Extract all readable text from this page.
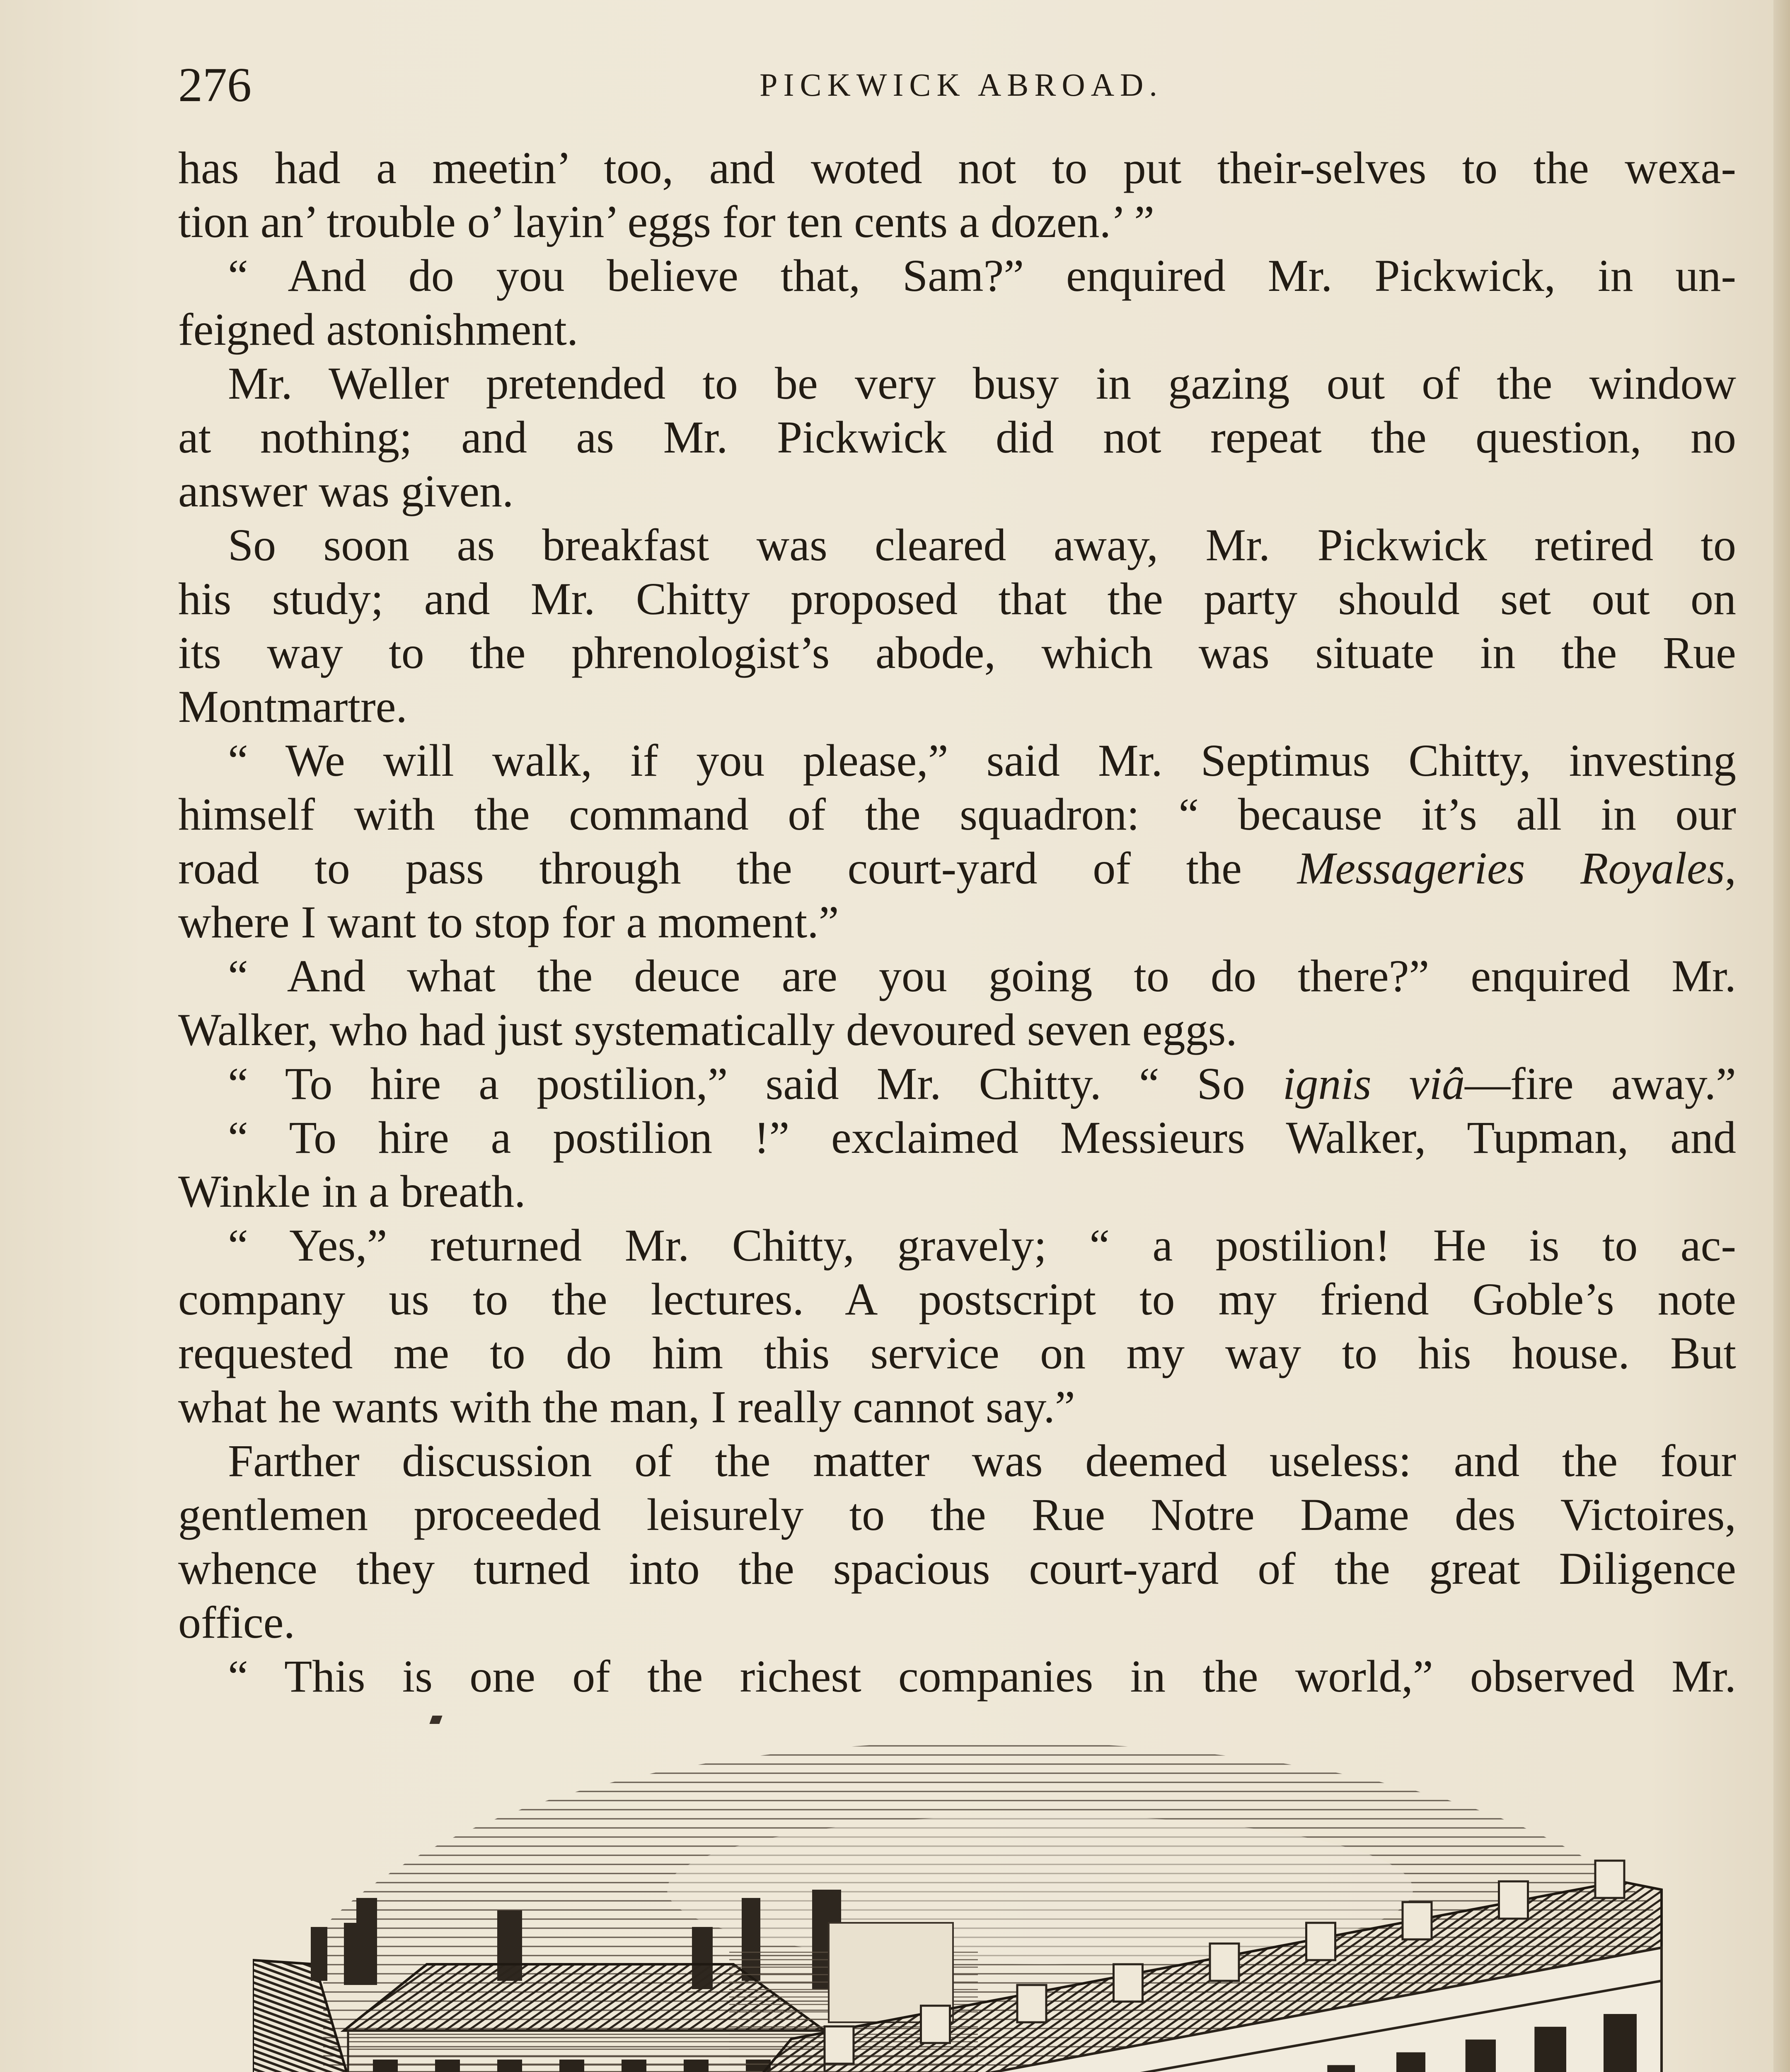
276	PICKWICK ABROAD.
has had a meetin’ too, and woted not to put their-selves to the wexa-
tion an’ trouble o’ layin’ eggs for ten cents a dozen.’ ”
“ And do you believe that, Sam?” enquired Mr. Pickwick, in un-
feigned astonishment.
Mr. Weller pretended to be very busy in gazing out of the window
at nothing; and as Mr. Pickwick did not repeat the question, no
answer was given.
So soon as breakfast was cleared away, Mr. Pickwick retired to
his study; and Mr. Chitty proposed that the party should set out on
its way to the phrenologist’s abode, which was situate in the Rue
Montmartre.
“ We will walk, if you please,” said Mr. Septimus Chitty, investing
himself with the command of the squadron: “ because it’s all in our
road to pass through the court-yard of the Messageries Royales,
where I want to stop for a moment.”
“ And what the deuce are you going to do there?” enquired Mr.
Walker, who had just systematically devoured seven eggs.
“ To hire a postilion,” said Mr. Chitty. “ So ignis viâ—fire away.”
“ To hire a postilion !” exclaimed Messieurs Walker, Tupman, and
Winkle in a breath.
“ Yes,” returned Mr. Chitty, gravely; “ a postilion! He is to ac-
company us to the lectures. A postscript to my friend Goble’s note
requested me to do him this service on my way to his house. But
what he wants with the man, I really cannot say.”
Farther discussion of the matter was deemed useless: and the four
gentlemen proceeded leisurely to the Rue Notre Dame des Victoires,
whence they turned into the spacious court-yard of the great Diligence
office.
“ This is one of the richest companies in the world,” observed Mr.
